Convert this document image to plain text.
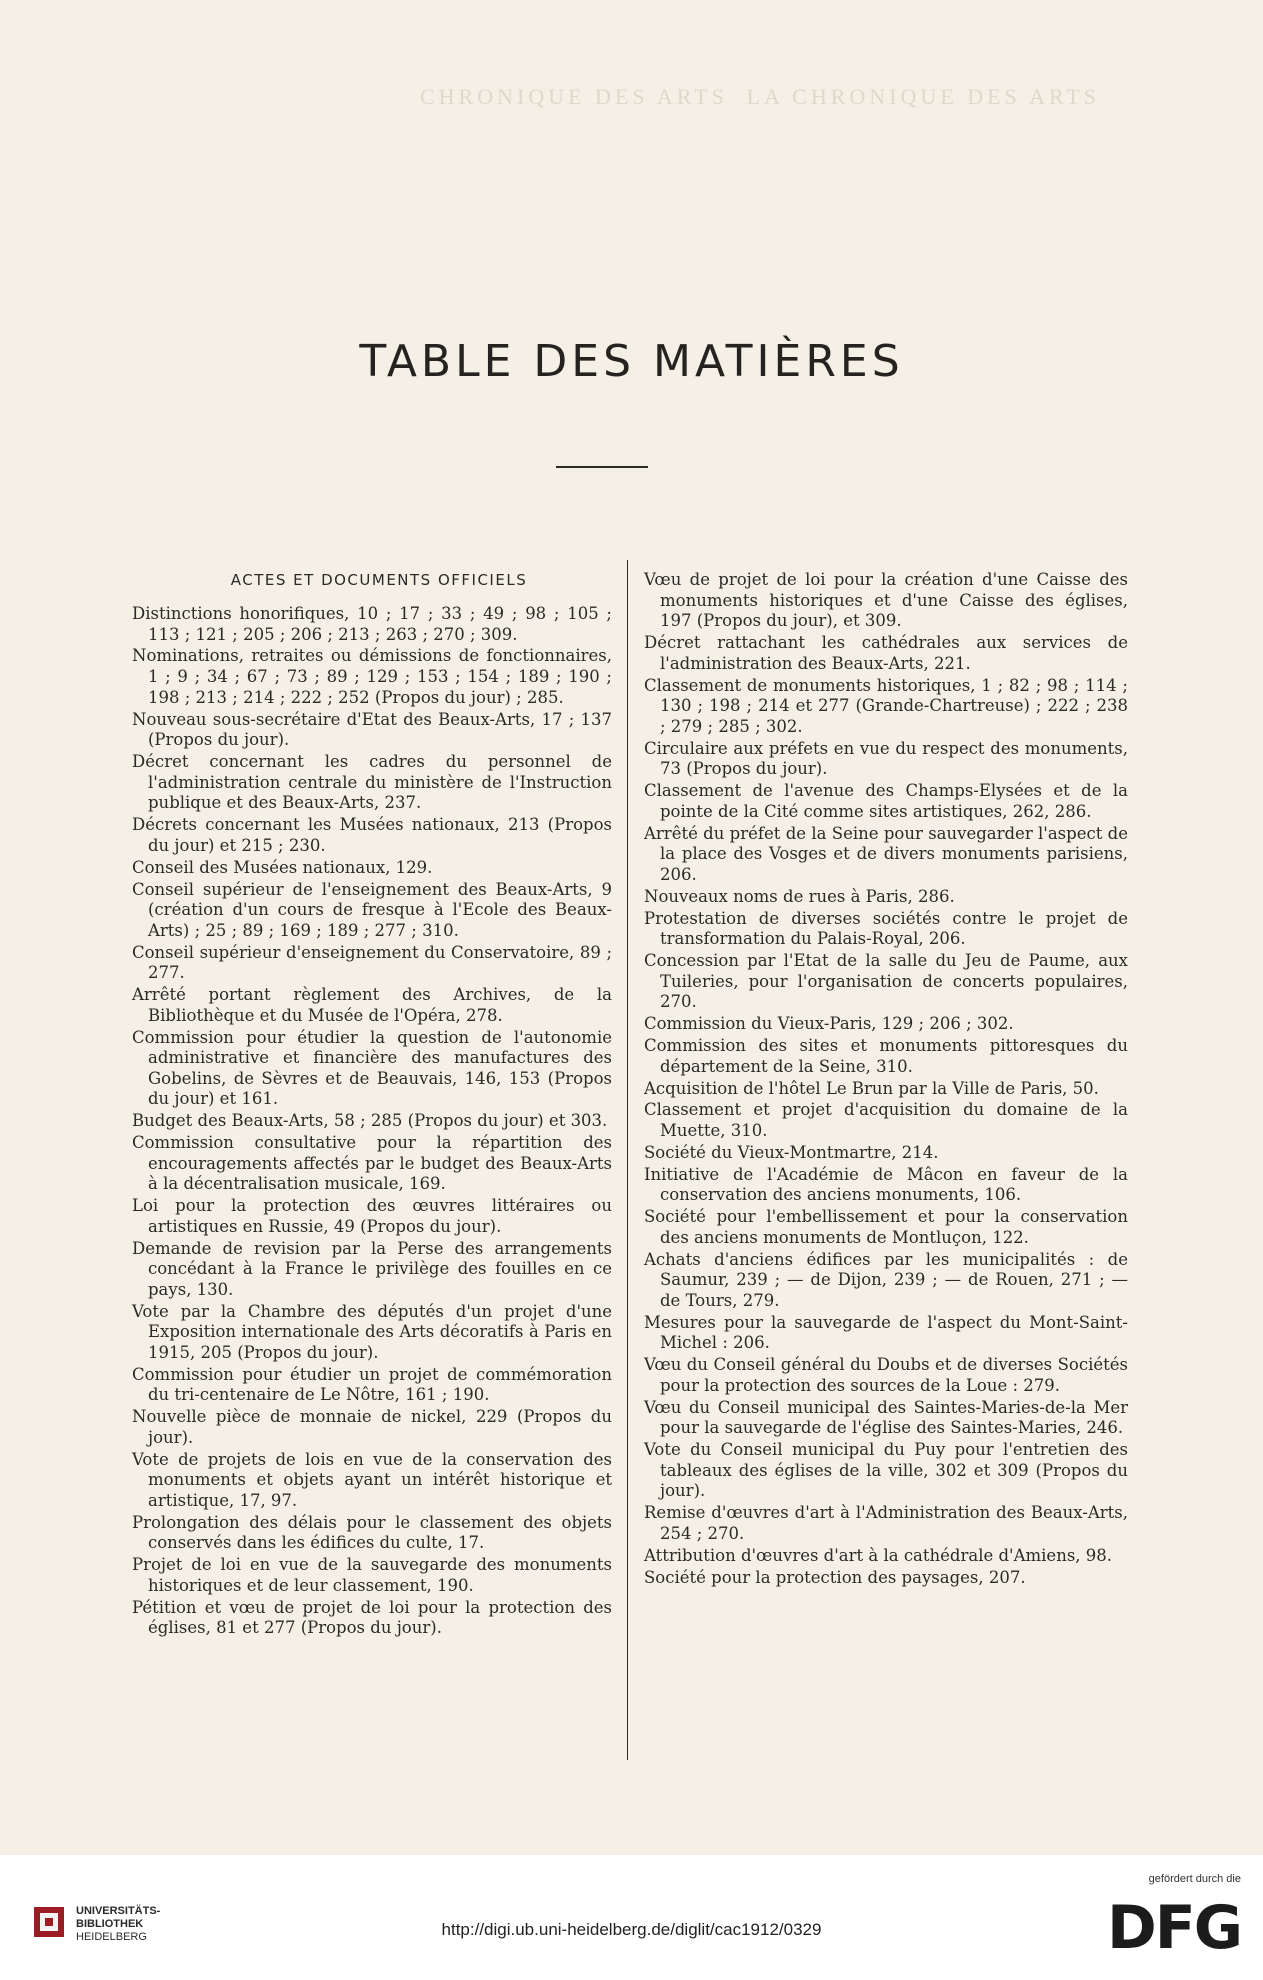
CHRONIQUE DES ARTS LA CHRONIQUE DES ARTS
TABLE DES MATIÈRES
ACTES ET DOCUMENTS OFFICIELS

Distinctions honorifiques, 10 ; 17 ; 33 ; 49 ; 98 ; 105 ; 113 ; 121 ; 205 ; 206 ; 213 ; 263 ; 270 ; 309.

Nominations, retraites ou démissions de fonctionnaires, 1 ; 9 ; 34 ; 67 ; 73 ; 89 ; 129 ; 153 ; 154 ; 189 ; 190 ; 198 ; 213 ; 214 ; 222 ; 252 (Propos du jour) ; 285.

Nouveau sous-secrétaire d'Etat des Beaux-Arts, 17 ; 137 (Propos du jour).

Décret concernant les cadres du personnel de l'administration centrale du ministère de l'Instruction publique et des Beaux-Arts, 237.

Décrets concernant les Musées nationaux, 213 (Propos du jour) et 215 ; 230.

Conseil des Musées nationaux, 129.

Conseil supérieur de l'enseignement des Beaux-Arts, 9 (création d'un cours de fresque à l'Ecole des Beaux-Arts) ; 25 ; 89 ; 169 ; 189 ; 277 ; 310.

Conseil supérieur d'enseignement du Conservatoire, 89 ; 277.

Arrêté portant règlement des Archives, de la Bibliothèque et du Musée de l'Opéra, 278.

Commission pour étudier la question de l'autonomie administrative et financière des manufactures des Gobelins, de Sèvres et de Beauvais, 146, 153 (Propos du jour) et 161.

Budget des Beaux-Arts, 58 ; 285 (Propos du jour) et 303.

Commission consultative pour la répartition des encouragements affectés par le budget des Beaux-Arts à la décentralisation musicale, 169.

Loi pour la protection des œuvres littéraires ou artistiques en Russie, 49 (Propos du jour).

Demande de revision par la Perse des arrangements concédant à la France le privilège des fouilles en ce pays, 130.

Vote par la Chambre des députés d'un projet d'une Exposition internationale des Arts décoratifs à Paris en 1915, 205 (Propos du jour).

Commission pour étudier un projet de commémoration du tri-centenaire de Le Nôtre, 161 ; 190.

Nouvelle pièce de monnaie de nickel, 229 (Propos du jour).

Vote de projets de lois en vue de la conservation des monuments et objets ayant un intérêt historique et artistique, 17, 97.

Prolongation des délais pour le classement des objets conservés dans les édifices du culte, 17.

Projet de loi en vue de la sauvegarde des monuments historiques et de leur classement, 190.

Pétition et vœu de projet de loi pour la protection des églises, 81 et 277 (Propos du jour).

Vœu de projet de loi pour la création d'une Caisse des monuments historiques et d'une Caisse des églises, 197 (Propos du jour), et 309.

Décret rattachant les cathédrales aux services de l'administration des Beaux-Arts, 221.

Classement de monuments historiques, 1 ; 82 ; 98 ; 114 ; 130 ; 198 ; 214 et 277 (Grande-Chartreuse) ; 222 ; 238 ; 279 ; 285 ; 302.

Circulaire aux préfets en vue du respect des monuments, 73 (Propos du jour).

Classement de l'avenue des Champs-Elysées et de la pointe de la Cité comme sites artistiques, 262, 286.

Arrêté du préfet de la Seine pour sauvegarder l'aspect de la place des Vosges et de divers monuments parisiens, 206.

Nouveaux noms de rues à Paris, 286.

Protestation de diverses sociétés contre le projet de transformation du Palais-Royal, 206.

Concession par l'Etat de la salle du Jeu de Paume, aux Tuileries, pour l'organisation de concerts populaires, 270.

Commission du Vieux-Paris, 129 ; 206 ; 302.

Commission des sites et monuments pittoresques du département de la Seine, 310.

Acquisition de l'hôtel Le Brun par la Ville de Paris, 50.

Classement et projet d'acquisition du domaine de la Muette, 310.

Société du Vieux-Montmartre, 214.

Initiative de l'Académie de Mâcon en faveur de la conservation des anciens monuments, 106.

Société pour l'embellissement et pour la conservation des anciens monuments de Montluçon, 122.

Achats d'anciens édifices par les municipalités : de Saumur, 239 ; — de Dijon, 239 ; — de Rouen, 271 ; — de Tours, 279.

Mesures pour la sauvegarde de l'aspect du Mont-Saint-Michel : 206.

Vœu du Conseil général du Doubs et de diverses Sociétés pour la protection des sources de la Loue : 279.

Vœu du Conseil municipal des Saintes-Maries-de-la Mer pour la sauvegarde de l'église des Saintes-Maries, 246.

Vote du Conseil municipal du Puy pour l'entretien des tableaux des églises de la ville, 302 et 309 (Propos du jour).

Remise d'œuvres d'art à l'Administration des Beaux-Arts, 254 ; 270.

Attribution d'œuvres d'art à la cathédrale d'Amiens, 98.

Société pour la protection des paysages, 207.

UNIVERSITÄTS-
BIBLIOTHEK
HEIDELBERG	http://digi.ub.uni-heidelberg.de/diglit/cac1912/0329
gefördert durch die
DFG
